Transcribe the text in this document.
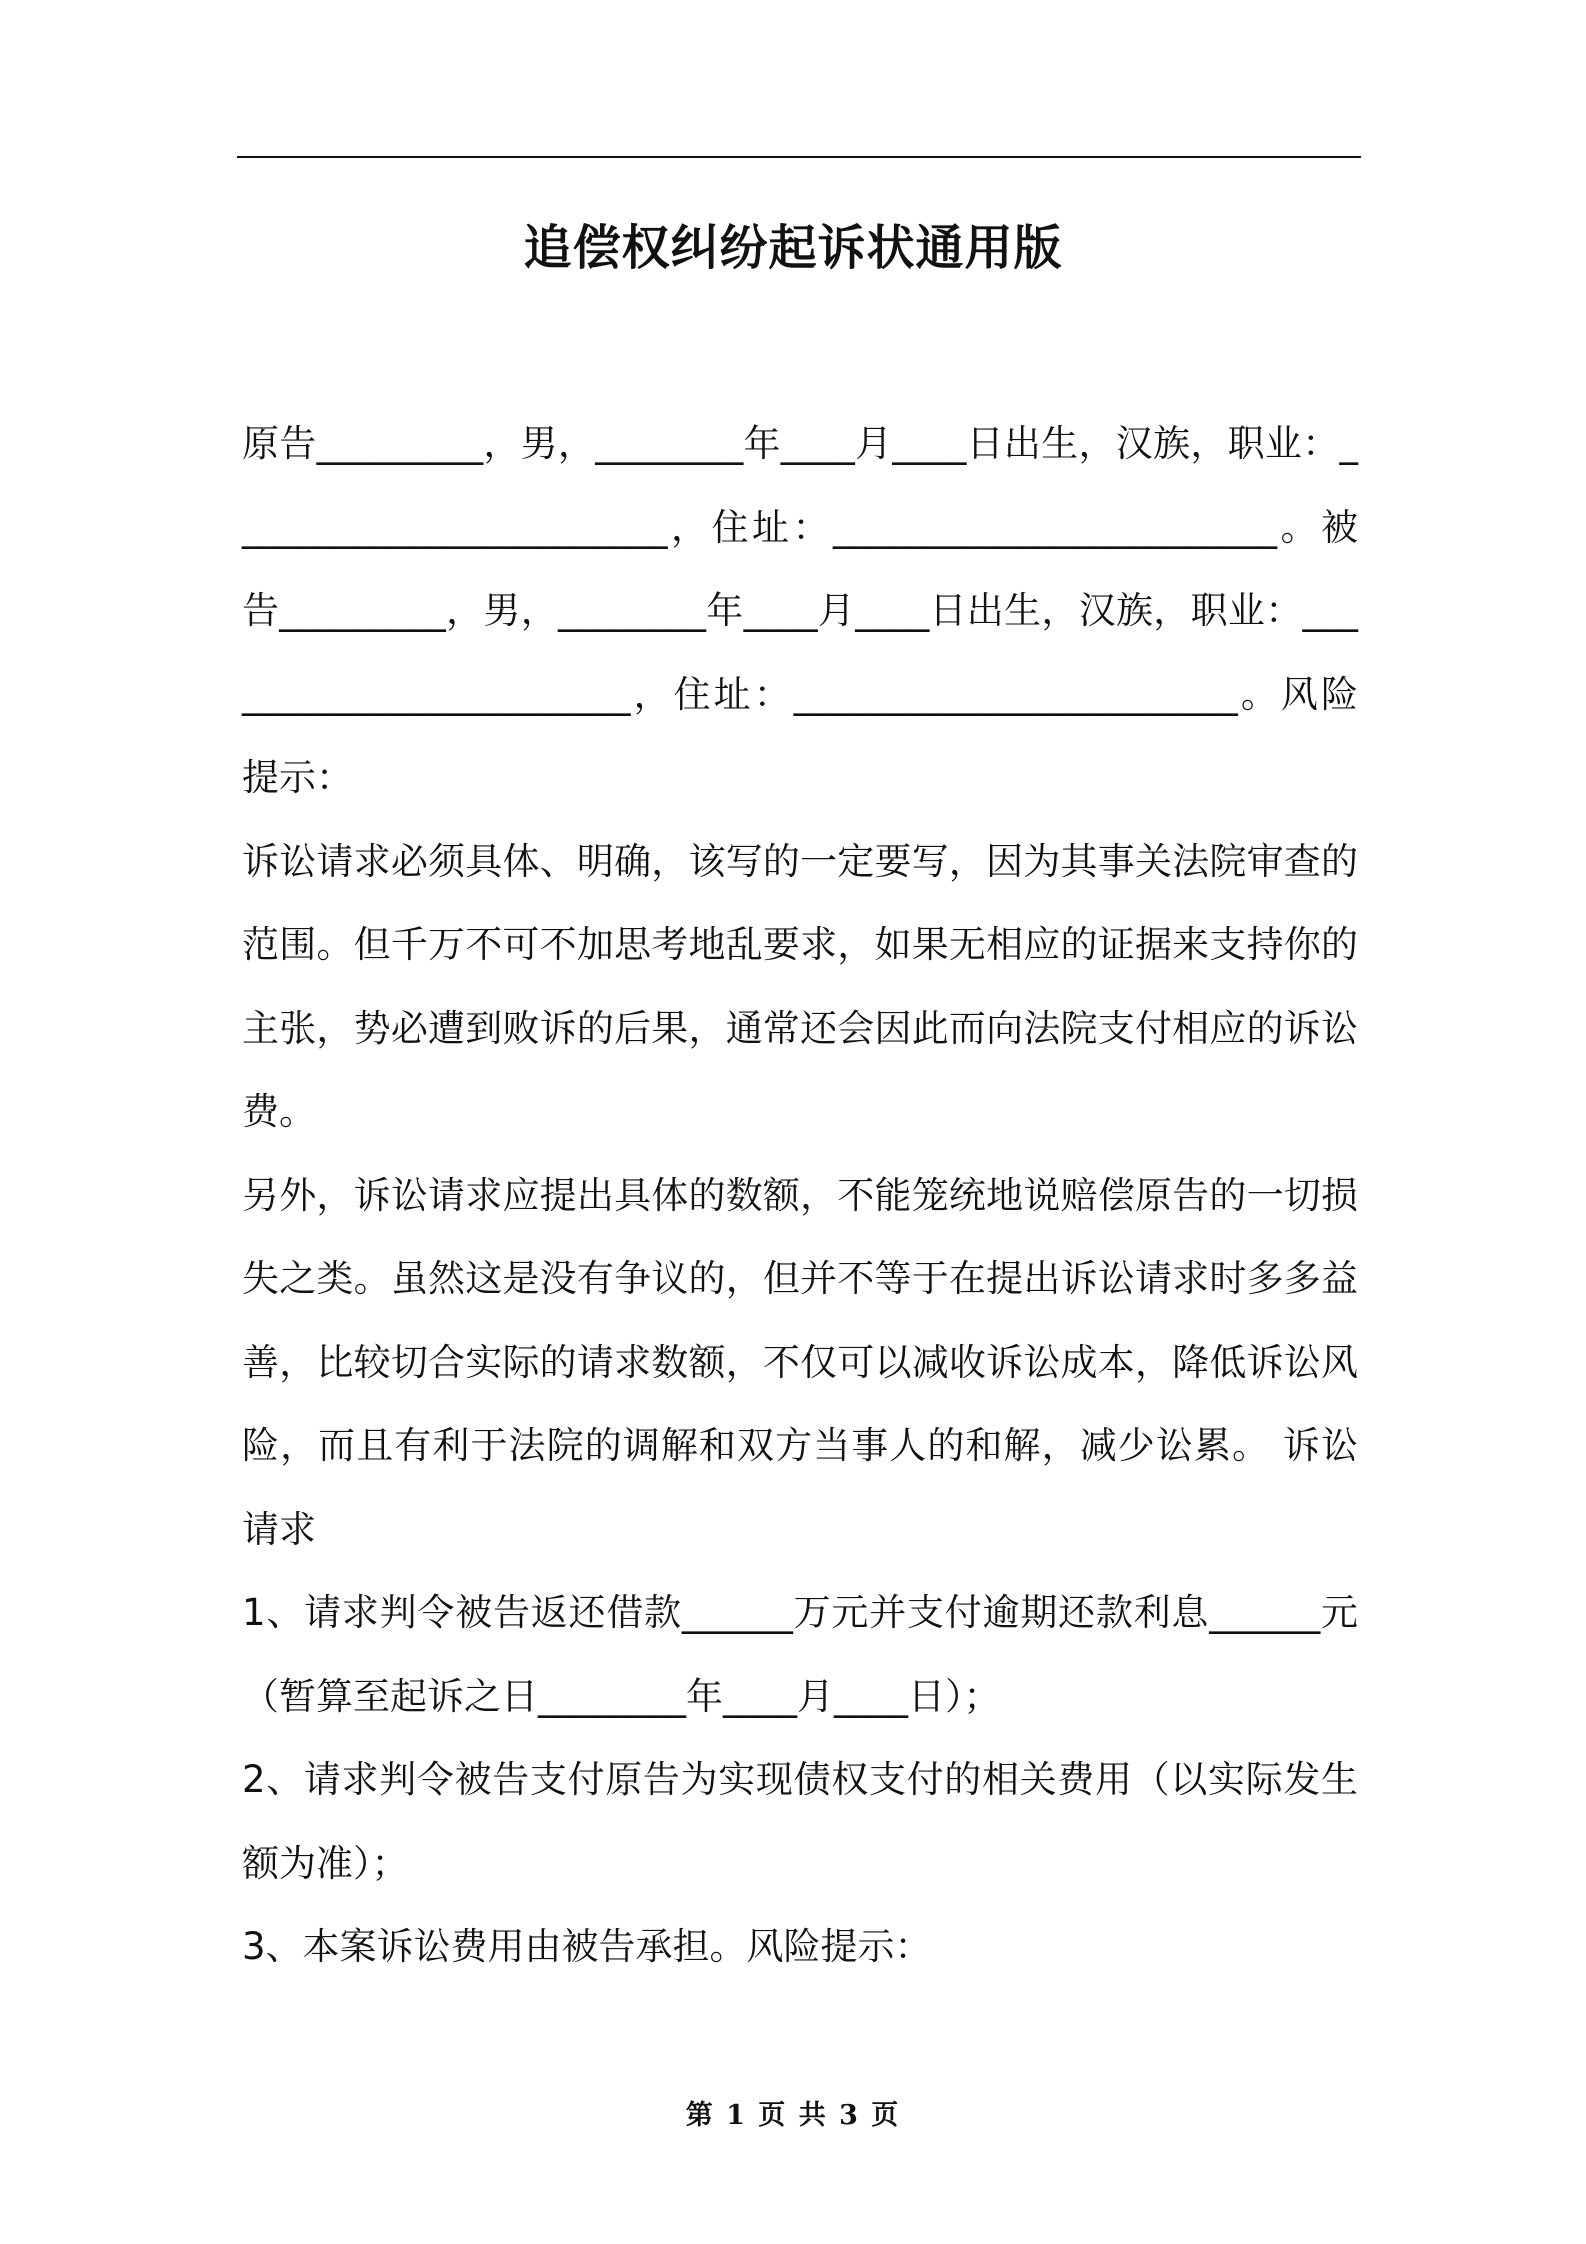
追偿权纠纷起诉状通用版

原告_________，男，________年____月____日出生，汉族，职业：________________________，住址：________________________。被告_________，男，________年____月____日出生，汉族，职业：________________________，住址：________________________。风险提示：

诉讼请求必须具体、明确，该写的一定要写，因为其事关法院审查的范围。但千万不可不加思考地乱要求，如果无相应的证据来支持你的主张，势必遭到败诉的后果，通常还会因此而向法院支付相应的诉讼费。

另外，诉讼请求应提出具体的数额，不能笼统地说赔偿原告的一切损失之类。虽然这是没有争议的，但并不等于在提出诉讼请求时多多益善，比较切合实际的请求数额，不仅可以减收诉讼成本，降低诉讼风险，而且有利于法院的调解和双方当事人的和解，减少讼累。 诉讼请求

1、请求判令被告返还借款______万元并支付逾期还款利息______元（暂算至起诉之日________年____月____日）；

2、请求判令被告支付原告为实现债权支付的相关费用（以实际发生额为准）；

3、本案诉讼费用由被告承担。风险提示：

第 1 页 共 3 页
